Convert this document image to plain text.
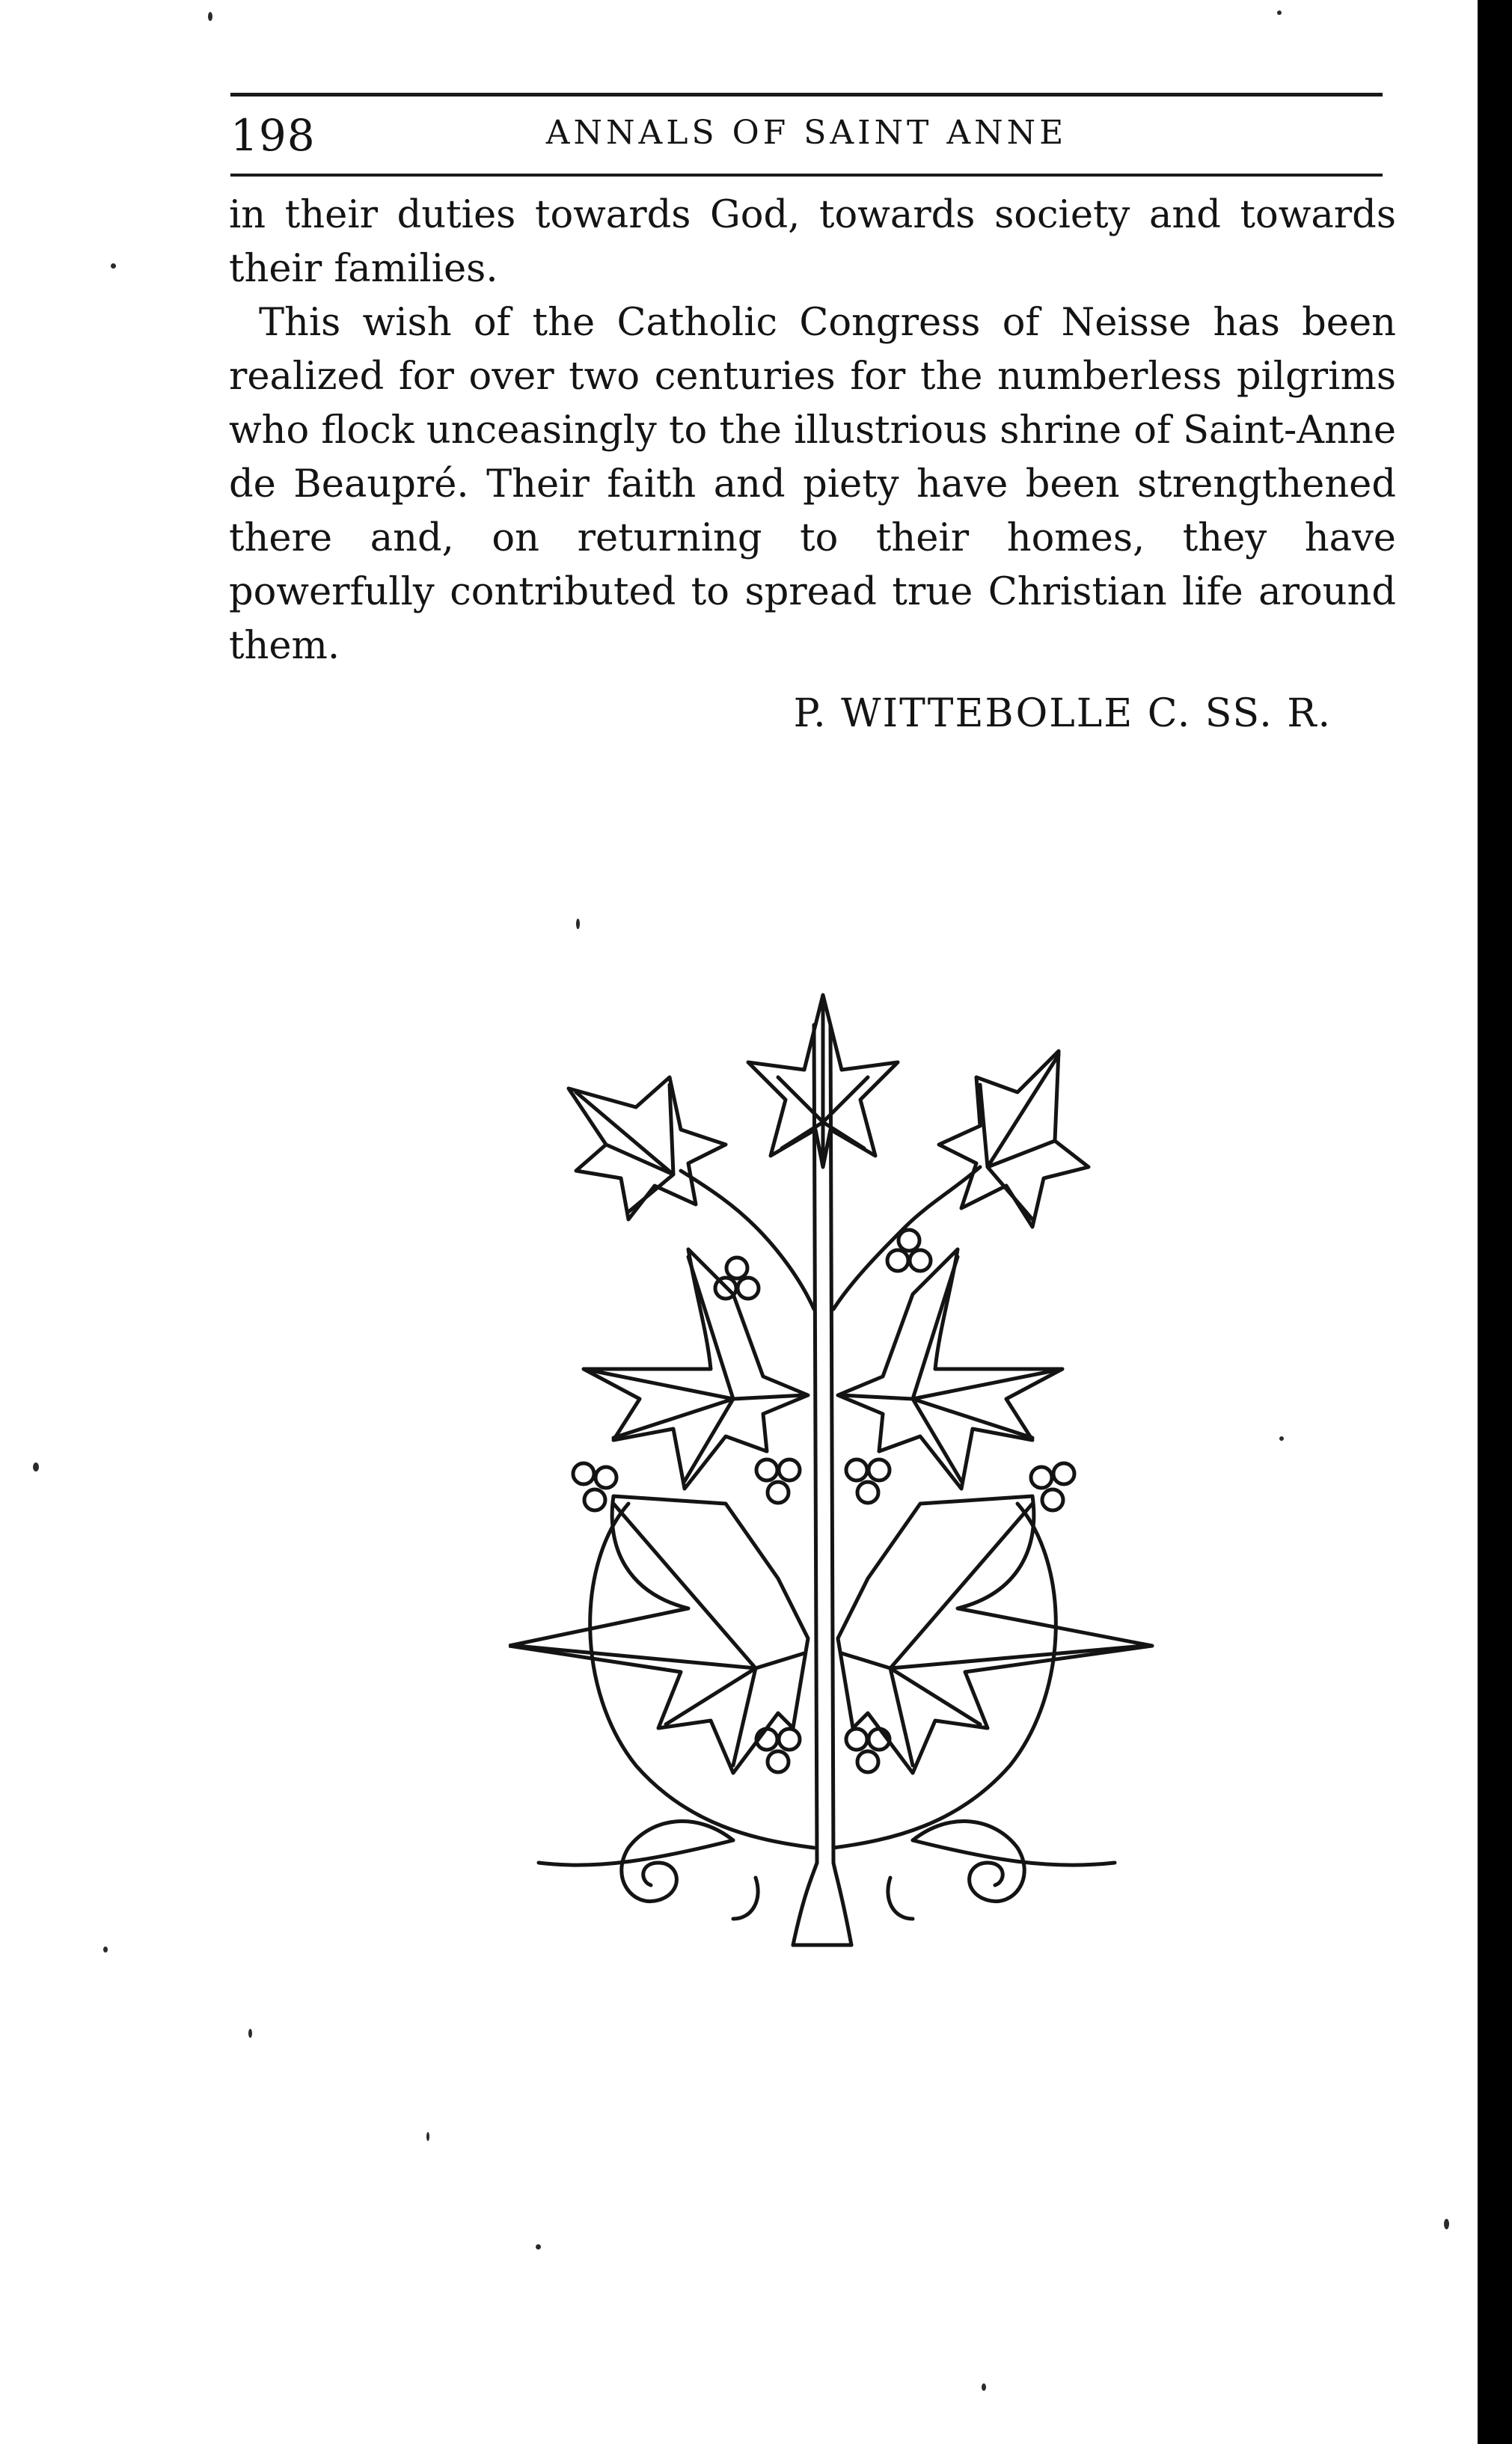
198	ANNALS OF SAINT ANNE

in their duties towards God, towards society and towards their families.

This wish of the Catholic Congress of Neisse has been realized for over two centuries for the numberless pilgrims who flock unceasingly to the illustrious shrine of Saint-Anne de Beaupré. Their faith and piety have been strengthened there and, on returning to their homes, they have powerfully contributed to spread true Christian life around them.

P. WITTEBOLLE C. SS. R.
